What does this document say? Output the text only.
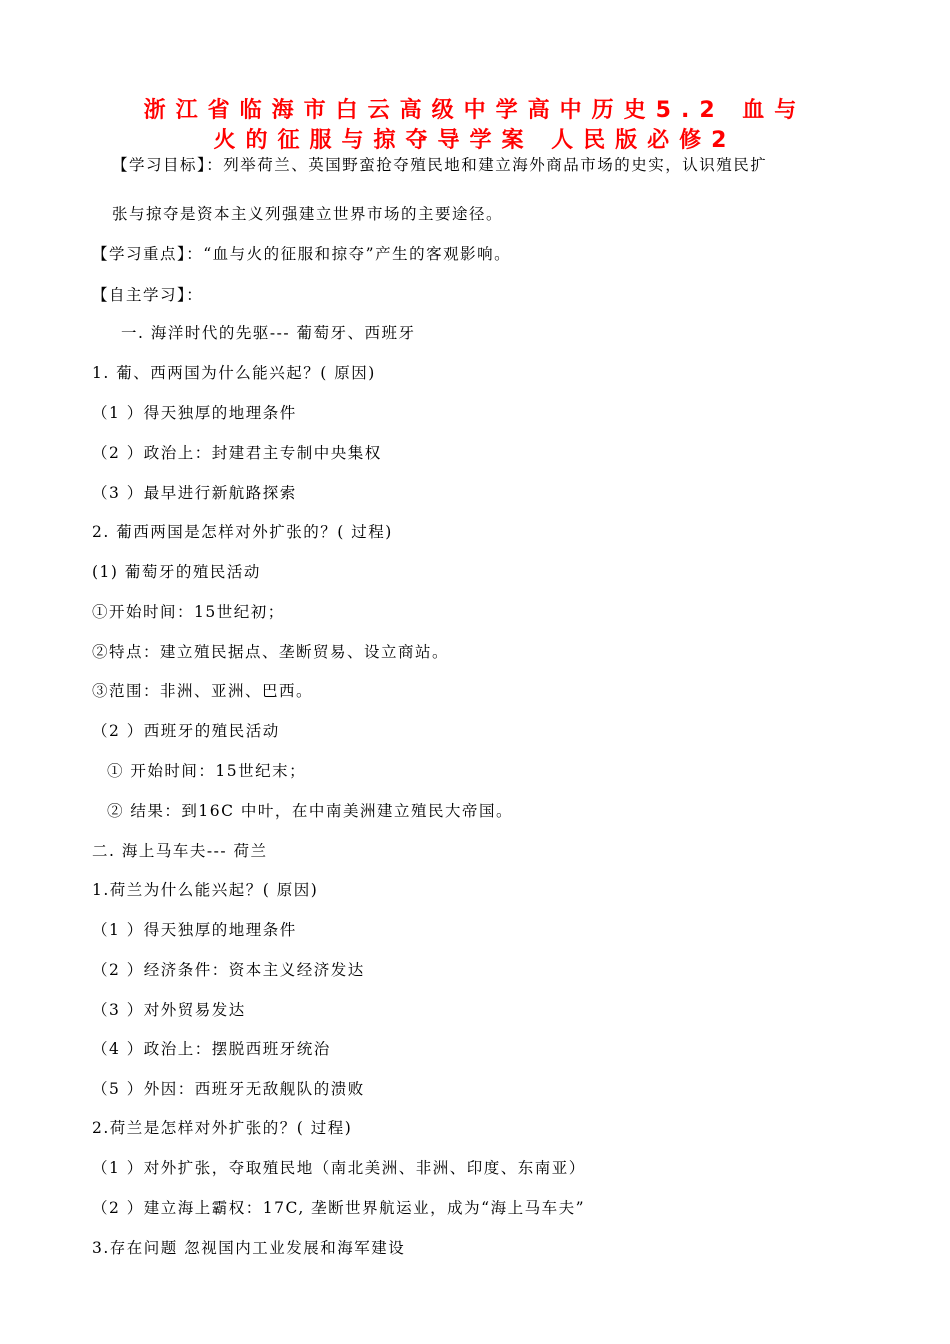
浙江省临海市白云高级中学高中历史5.2 血与
火的征服与掠夺导学案 人民版必修2
【学习目标】：列举荷兰、英国野蛮抢夺殖民地和建立海外商品市场的史实，认识殖民扩
张与掠夺是资本主义列强建立世界市场的主要途径。
【学习重点】：“血与火的征服和掠夺”产生的客观影响。
【自主学习】：
一. 海洋时代的先驱--- 葡萄牙、西班牙
1. 葡、西两国为什么能兴起？( 原因)
（1 ）得天独厚的地理条件
（2 ）政治上：封建君主专制中央集权
（3 ）最早进行新航路探索
2. 葡西两国是怎样对外扩张的？( 过程)
(1) 葡萄牙的殖民活动
①开始时间：15世纪初；
②特点：建立殖民据点、垄断贸易、设立商站。
③范围：非洲、亚洲、巴西。
（2 ）西班牙的殖民活动
① 开始时间：15世纪末；
② 结果：到16C 中叶，在中南美洲建立殖民大帝国。
二. 海上马车夫--- 荷兰
1.荷兰为什么能兴起？( 原因)
（1 ）得天独厚的地理条件
（2 ）经济条件：资本主义经济发达
（3 ）对外贸易发达
（4 ）政治上：摆脱西班牙统治
（5 ）外因：西班牙无敌舰队的溃败
2.荷兰是怎样对外扩张的？( 过程)
（1 ）对外扩张，夺取殖民地（南北美洲、非洲、印度、东南亚）
（2 ）建立海上霸权：17C, 垄断世界航运业，成为“海上马车夫”
3.存在问题 忽视国内工业发展和海军建设
